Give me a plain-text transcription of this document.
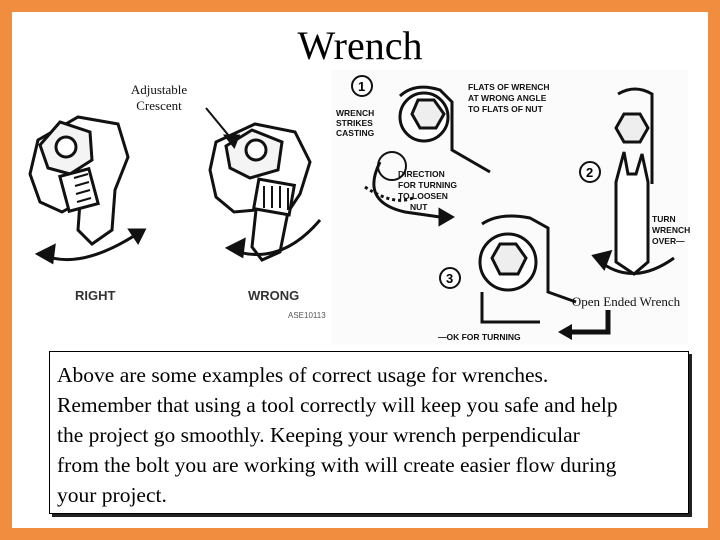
Wrench
Adjustable
Crescent
RIGHT	WRONG
ASE10113
1
WRENCH STRIKES CASTING
FLATS OF WRENCH AT WRONG ANGLE TO FLATS OF NUT
DIRECTION FOR TURNING TO LOOSEN NUT
2
TURN WRENCH OVER—
3
—OK FOR TURNING
Open Ended Wrench
Above are some examples of correct usage for wrenches.
Remember that using a tool correctly will keep you safe and help
the project go smoothly. Keeping your wrench perpendicular
from the bolt you are working with will create easier flow during
your project.
